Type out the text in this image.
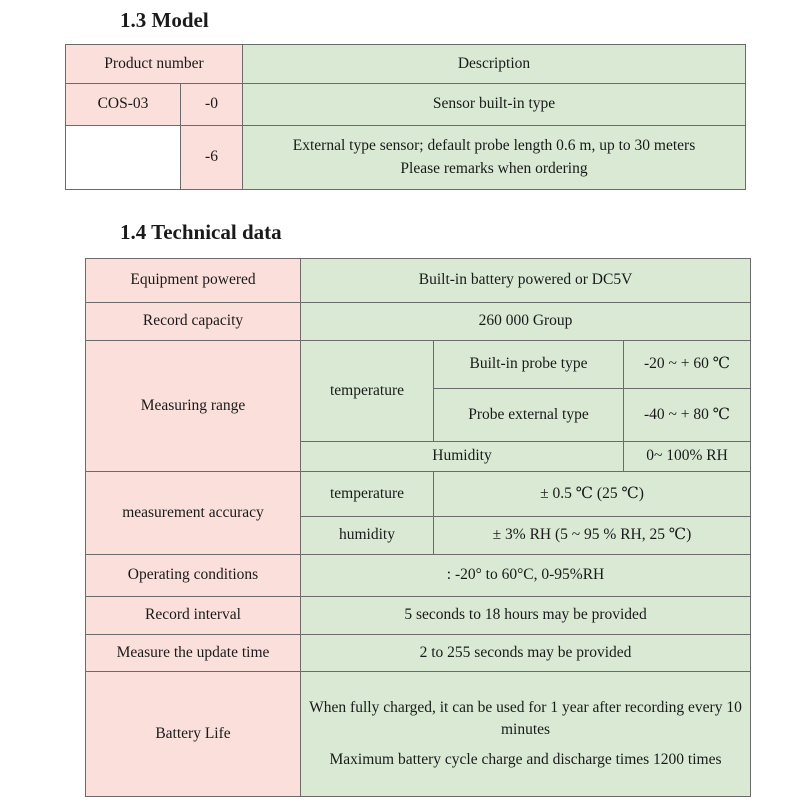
1.3 Model
Product number		Description
COS-03	-0	Sensor built-in type
	-6	External type sensor; default probe length 0.6 m, up to 30 meters
Please remarks when ordering
1.4 Technical data
Equipment powered	Built-in battery powered or DC5V		
Record capacity	260 000 Group		
Measuring range	temperature	Built-in probe type	-20 ~ + 60 ℃
		Probe external type	-40 ~ + 80 ℃
	Humidity		0~ 100% RH
measurement accuracy	temperature	± 0.5 ℃ (25 ℃)	
	humidity	± 3% RH (5 ~ 95 % RH, 25 ℃)	
Operating conditions	: -20° to 60°C, 0-95%RH		
Record interval	5 seconds to 18 hours may be provided		
Measure the update time	2 to 255 seconds may be provided		
Battery Life	When fully charged, it can be used for 1 year after recording every 10 minutes
Maximum battery cycle charge and discharge times 1200 times		
